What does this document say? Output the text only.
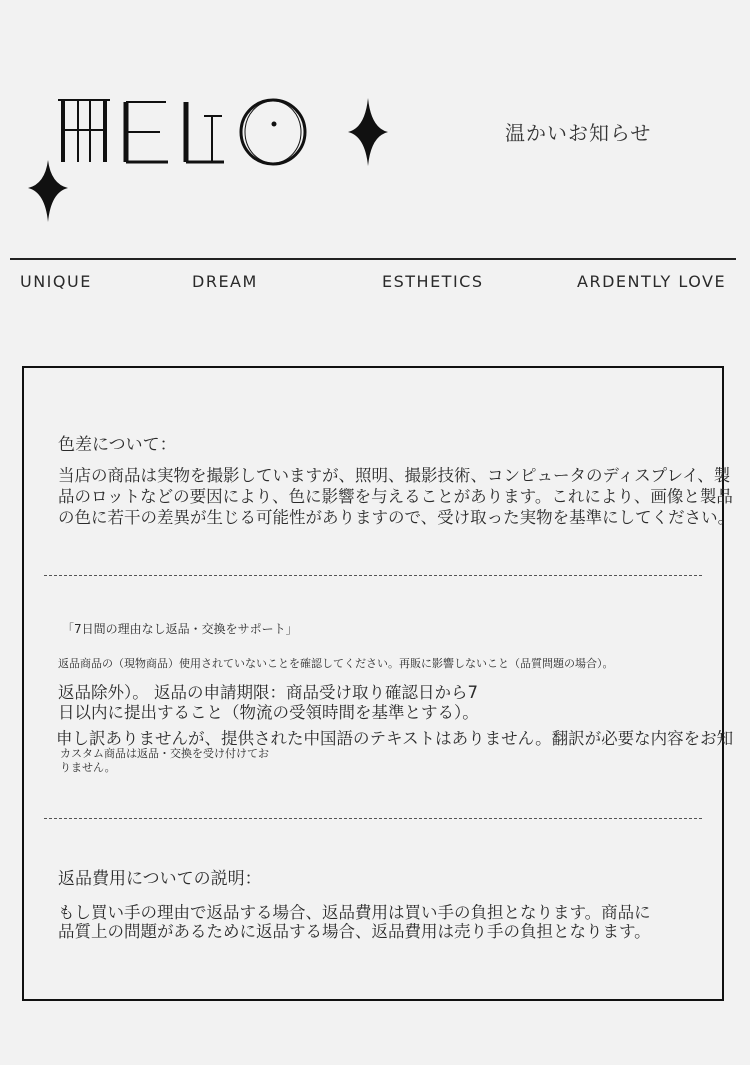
温かいお知らせ
UNIQUE	DREAM	ESTHETICS	ARDENTLY LOVE
色差について：
当店の商品は実物を撮影していますが、照明、撮影技術、コンピュータのディスプレイ、製
品のロットなどの要因により、色に影響を与えることがあります。これにより、画像と製品
の色に若干の差異が生じる可能性がありますので、受け取った実物を基準にしてください。
「7日間の理由なし返品・交換をサポート」
返品商品の（現物商品）使用されていないことを確認してください。再販に影響しないこと（品質問題の場合）。
返品除外）。 返品の申請期限：商品受け取り確認日から7
日以内に提出すること（物流の受領時間を基準とする）。
申し訳ありませんが、提供された中国語のテキストはありません。翻訳が必要な内容をお知
カスタム商品は返品・交換を受け付けてお
りません。
返品費用についての説明：
もし買い手の理由で返品する場合、返品費用は買い手の負担となります。商品に
品質上の問題があるために返品する場合、返品費用は売り手の負担となります。
